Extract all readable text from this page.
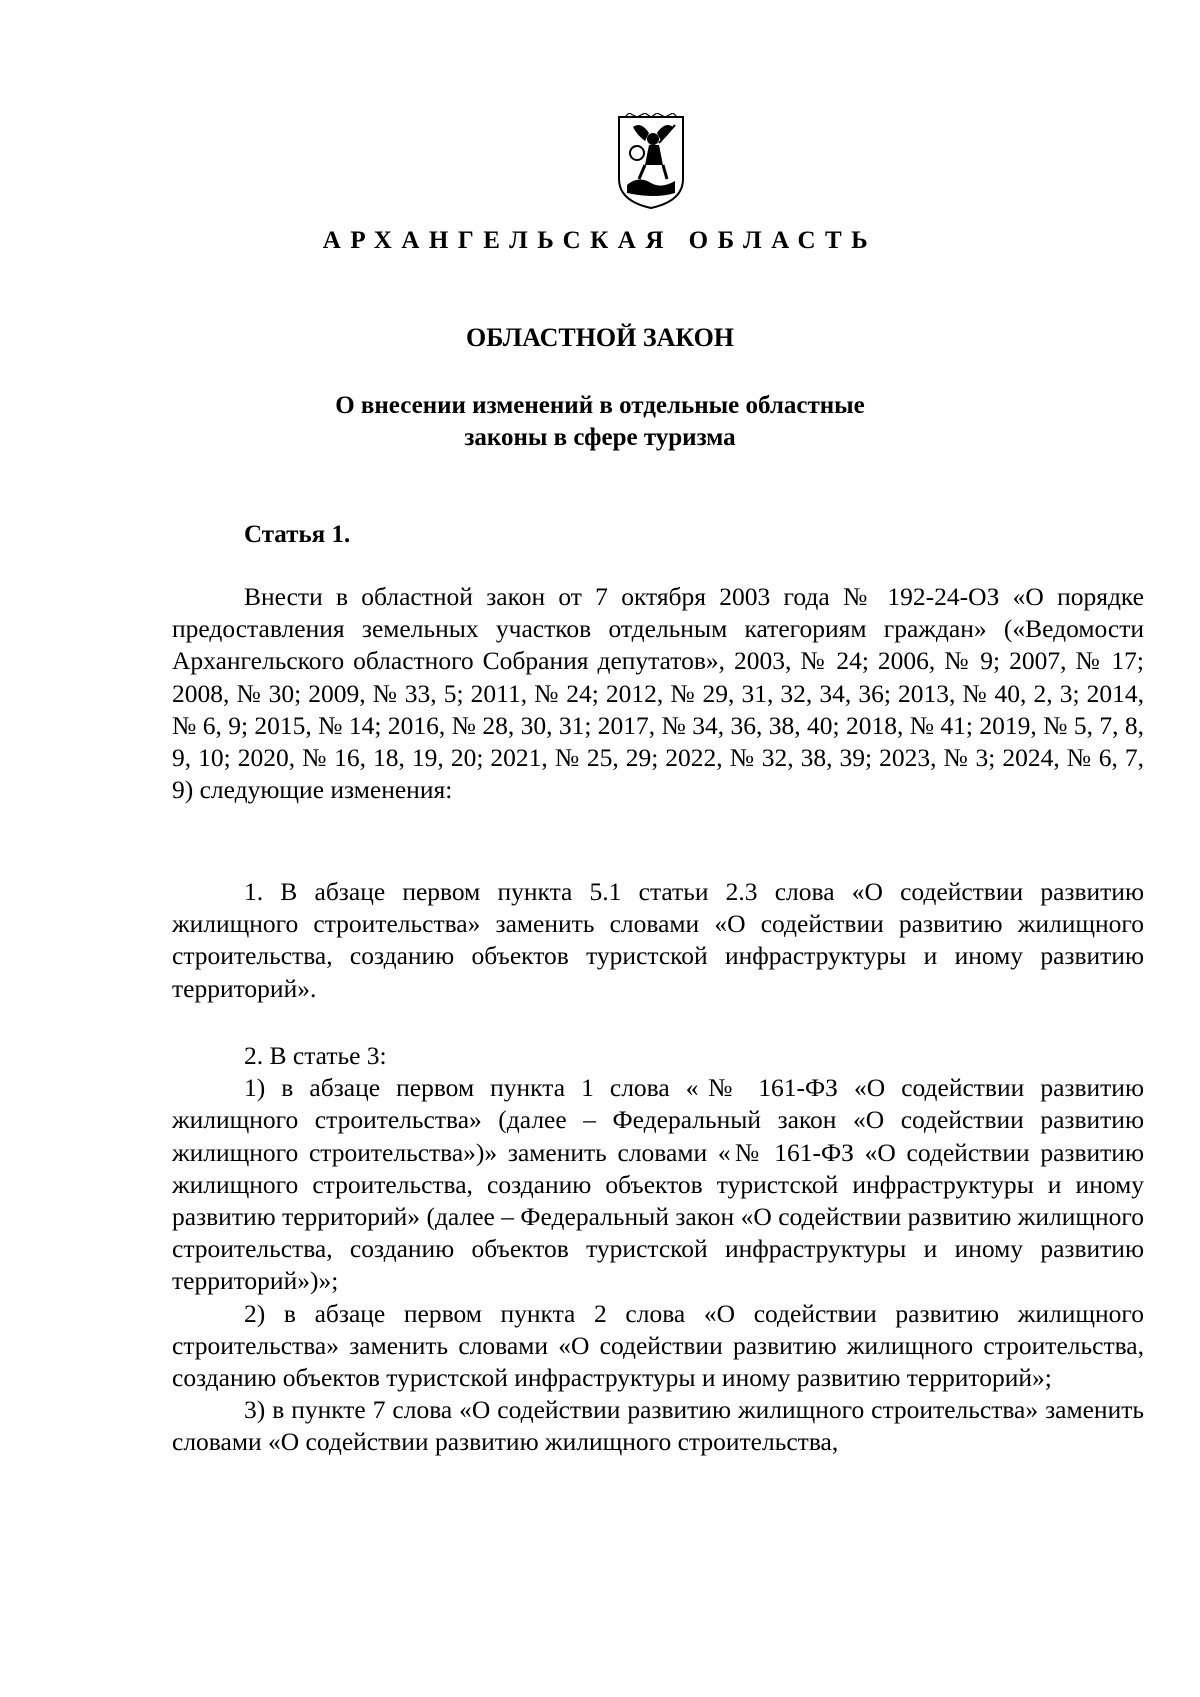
АРХАНГЕЛЬСКАЯ ОБЛАСТЬ
ОБЛАСТНОЙ ЗАКОН
О внесении изменений в отдельные областные
законы в сфере туризма
Статья 1.

Внести в областной закон от 7 октября 2003 года № 192-24-ОЗ «О порядке предоставления земельных участков отдельным категориям граждан» («Ведомости Архангельского областного Собрания депутатов», 2003, № 24; 2006, № 9; 2007, № 17; 2008, № 30; 2009, № 33, 5; 2011, № 24; 2012, № 29, 31, 32, 34, 36; 2013, № 40, 2, 3; 2014, № 6, 9; 2015, № 14; 2016, № 28, 30, 31; 2017, № 34, 36, 38, 40; 2018, № 41; 2019, № 5, 7, 8, 9, 10; 2020, № 16, 18, 19, 20; 2021, № 25, 29; 2022, № 32, 38, 39; 2023, № 3; 2024, № 6, 7, 9) следующие изменения:

1. В абзаце первом пункта 5.1 статьи 2.3 слова «О содействии развитию жилищного строительства» заменить словами «О содействии развитию жилищного строительства, созданию объектов туристской инфраструктуры и иному развитию территорий».

2. В статье 3:

1) в абзаце первом пункта 1 слова «№ 161-ФЗ «О содействии развитию жилищного строительства» (далее – Федеральный закон «О содействии развитию жилищного строительства»)» заменить словами «№ 161-ФЗ «О содействии развитию жилищного строительства, созданию объектов туристской инфраструктуры и иному развитию территорий» (далее – Федеральный закон «О содействии развитию жилищного строительства, созданию объектов туристской инфраструктуры и иному развитию территорий»)»;

2) в абзаце первом пункта 2 слова «О содействии развитию жилищного строительства» заменить словами «О содействии развитию жилищного строительства, созданию объектов туристской инфраструктуры и иному развитию территорий»;

3) в пункте 7 слова «О содействии развитию жилищного строительства» заменить словами «О содействии развитию жилищного строительства,
